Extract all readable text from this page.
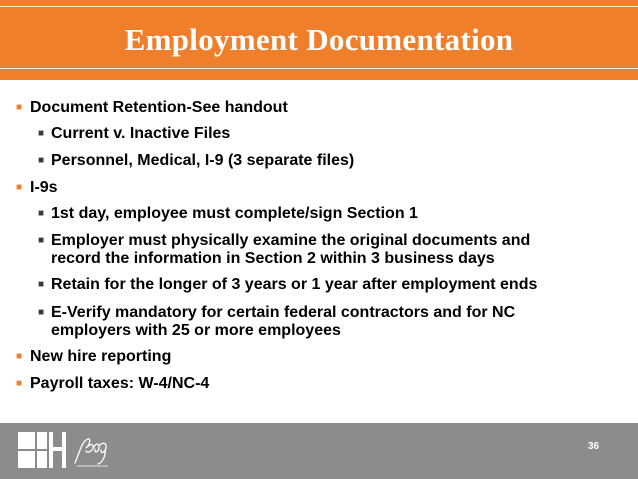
Employment Documentation
■ Document Retention-See handout
■ Current v. Inactive Files
■ Personnel, Medical, I-9 (3 separate files)
■ I-9s
■ 1st day, employee must complete/sign Section 1
■ Employer must physically examine the original documents and
record the information in Section 2 within 3 business days
■ Retain for the longer of 3 years or 1 year after employment ends
■ E-Verify mandatory for certain federal contractors and for NC
employers with 25 or more employees
■ New hire reporting
■ Payroll taxes: W-4/NC-4
36
